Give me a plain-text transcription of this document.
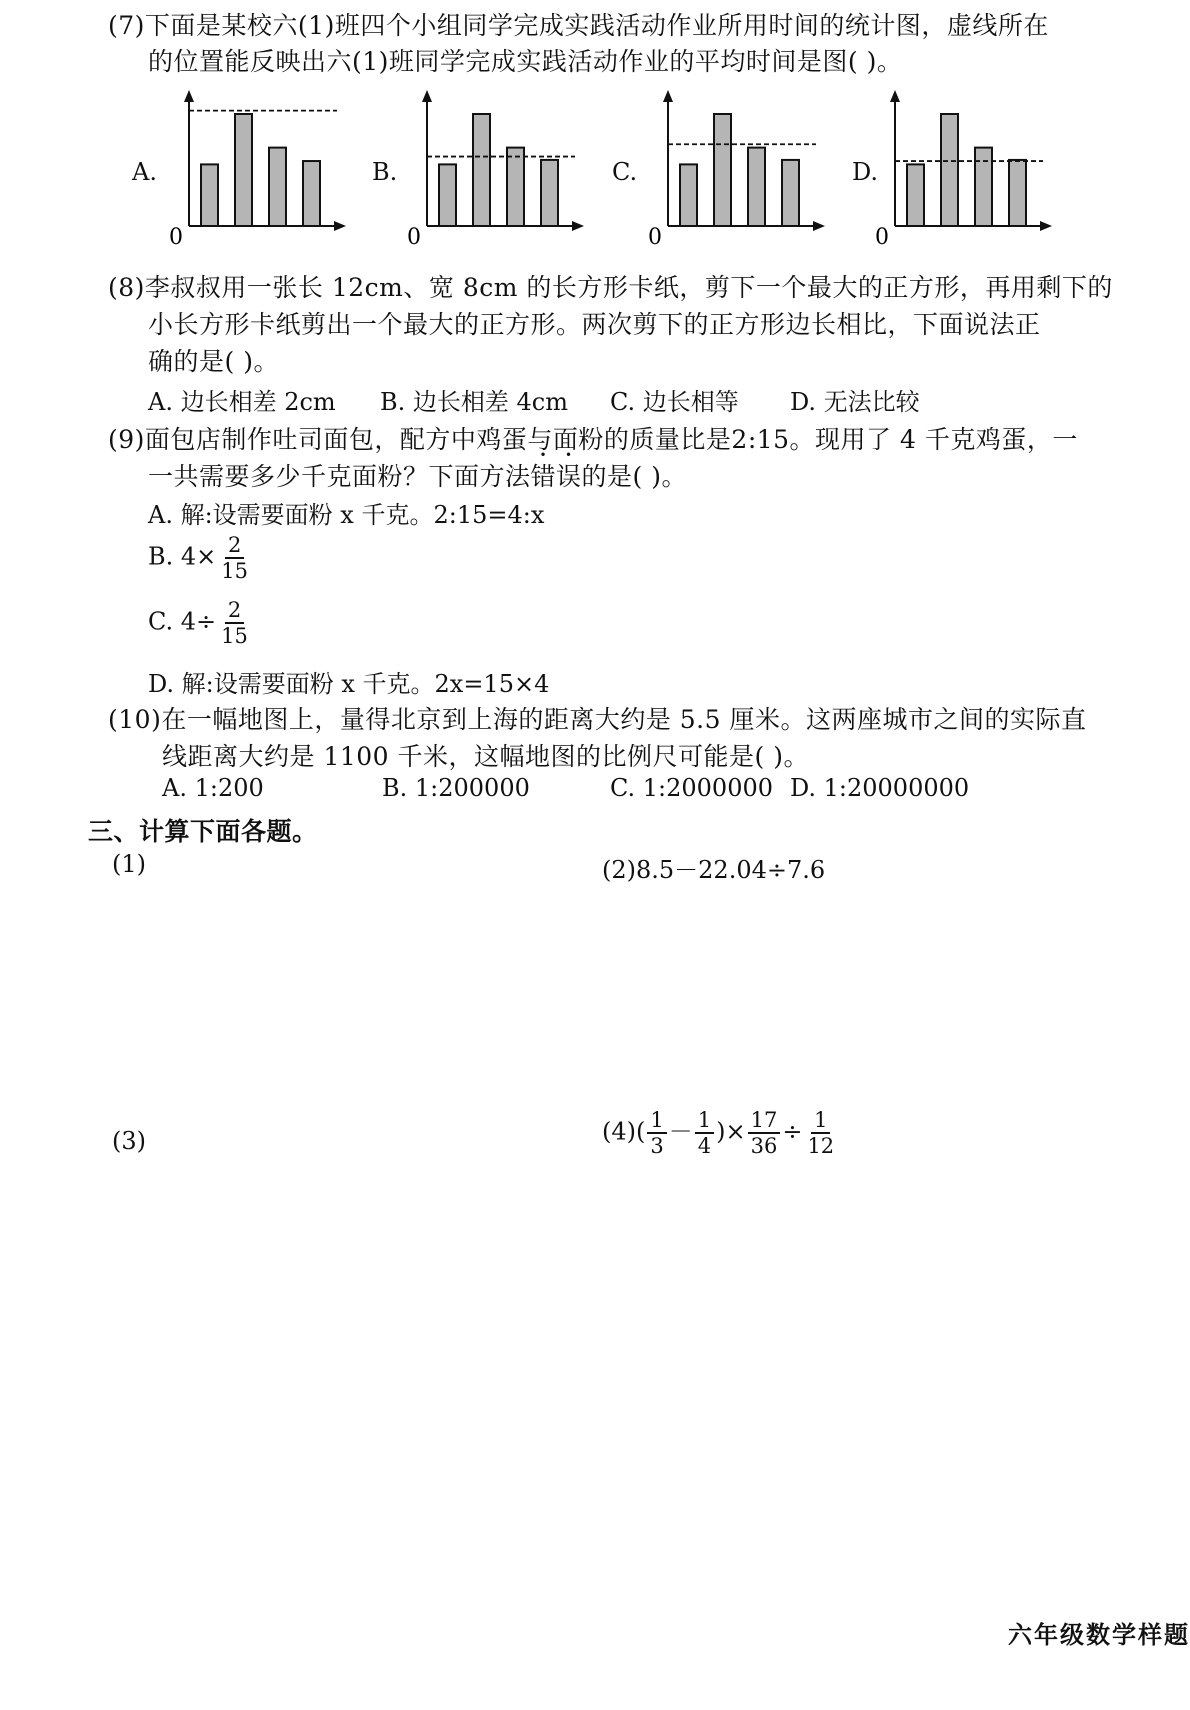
(7)下面是某校六(1)班四个小组同学完成实践活动作业所用时间的统计图，虚线所在
的位置能反映出六(1)班同学完成实践活动作业的平均时间是图( )。
A.
0
B.
0
C.
0
D.
0
(8)李叔叔用一张长 12cm、宽 8cm 的长方形卡纸，剪下一个最大的正方形，再用剩下的
小长方形卡纸剪出一个最大的正方形。两次剪下的正方形边长相比，下面说法正
确的是( )。
A. 边长相差 2cm B. 边长相差 4cm C. 边长相等 D. 无法比较
(9)面包店制作吐司面包，配方中鸡蛋与面粉的质量比是2:15。现用了 4 千克鸡蛋，一
一共需要多少千克面粉？下面方法错误的是( )。
A. 解:设需要面粉 x 千克。2:15=4:x
B. $4\times \frac{2}{15}$
C. $4\div \frac{2}{15}$
D. 解:设需要面粉 x 千克。2x=15×4
(10)在一幅地图上，量得北京到上海的距离大约是 5.5 厘米。这两座城市之间的实际直
线距离大约是 1100 千米，这幅地图的比例尺可能是( )。
A. 1:200	B. 1:200000	C. 1:2000000 D. 1:20000000
三、计算下面各题。
(1)	(2)8.5－22.04÷7.6
(3)	$(4)( \frac{1}{3} - \frac{1}{4}$ )× $\frac{17}{36} \div \frac{1}{12}$
六年级数学样题
